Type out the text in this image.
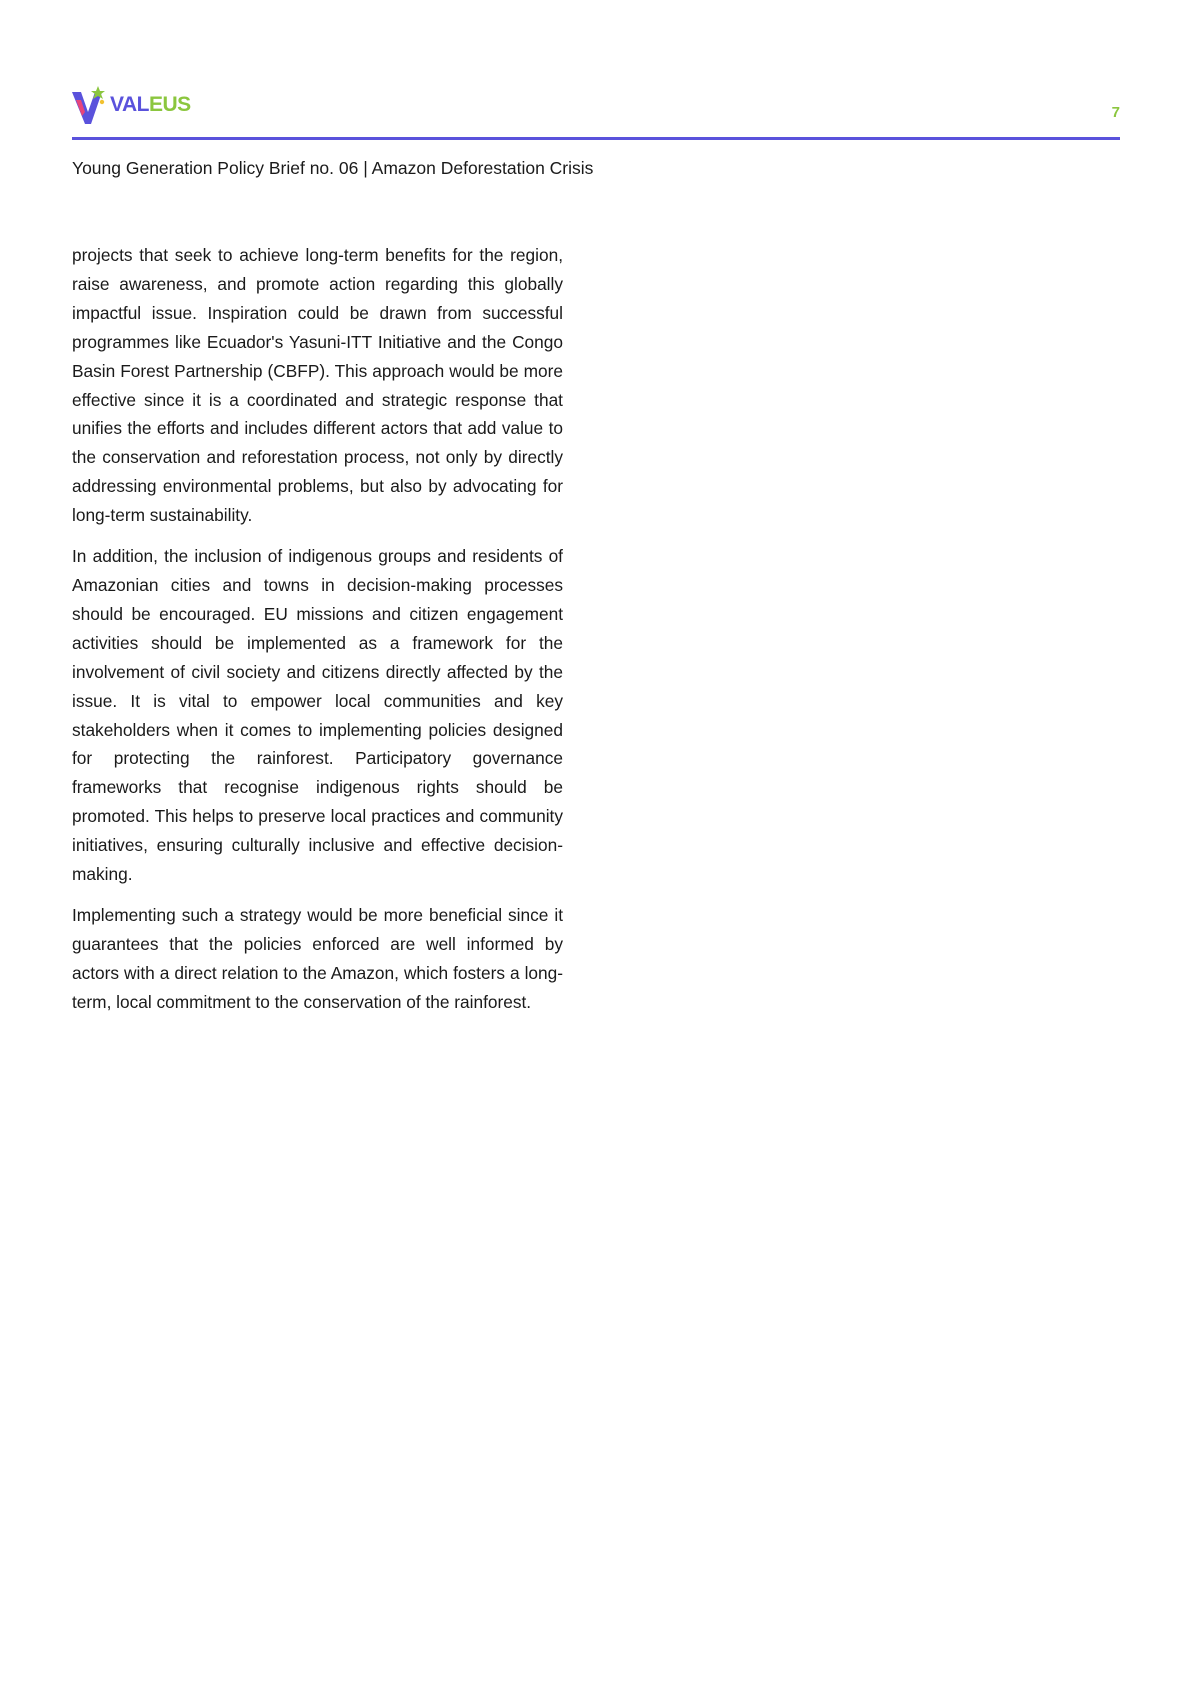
VALEUS	7
Young Generation Policy Brief no. 06 | Amazon Deforestation Crisis

projects that seek to achieve long-term benefits for the region, raise awareness, and promote action regarding this globally impactful issue. Inspiration could be drawn from successful programmes like Ecuador's Yasuni-ITT Initiative and the Congo Basin Forest Partnership (CBFP). This approach would be more effective since it is a coordinated and strategic response that unifies the efforts and includes different actors that add value to the conservation and reforestation process, not only by directly addressing environmental problems, but also by advocating for long-term sustainability.

In addition, the inclusion of indigenous groups and residents of Amazonian cities and towns in decision-making processes should be encouraged. EU missions and citizen engagement activities should be implemented as a framework for the involvement of civil society and citizens directly affected by the issue. It is vital to empower local communities and key stakeholders when it comes to implementing policies designed for protecting the rainforest. Participatory governance frameworks that recognise indigenous rights should be promoted. This helps to preserve local practices and community initiatives, ensuring culturally inclusive and effective decision-making.

Implementing such a strategy would be more beneficial since it guarantees that the policies enforced are well informed by actors with a direct relation to the Amazon, which fosters a long-term, local commitment to the conservation of the rainforest.
